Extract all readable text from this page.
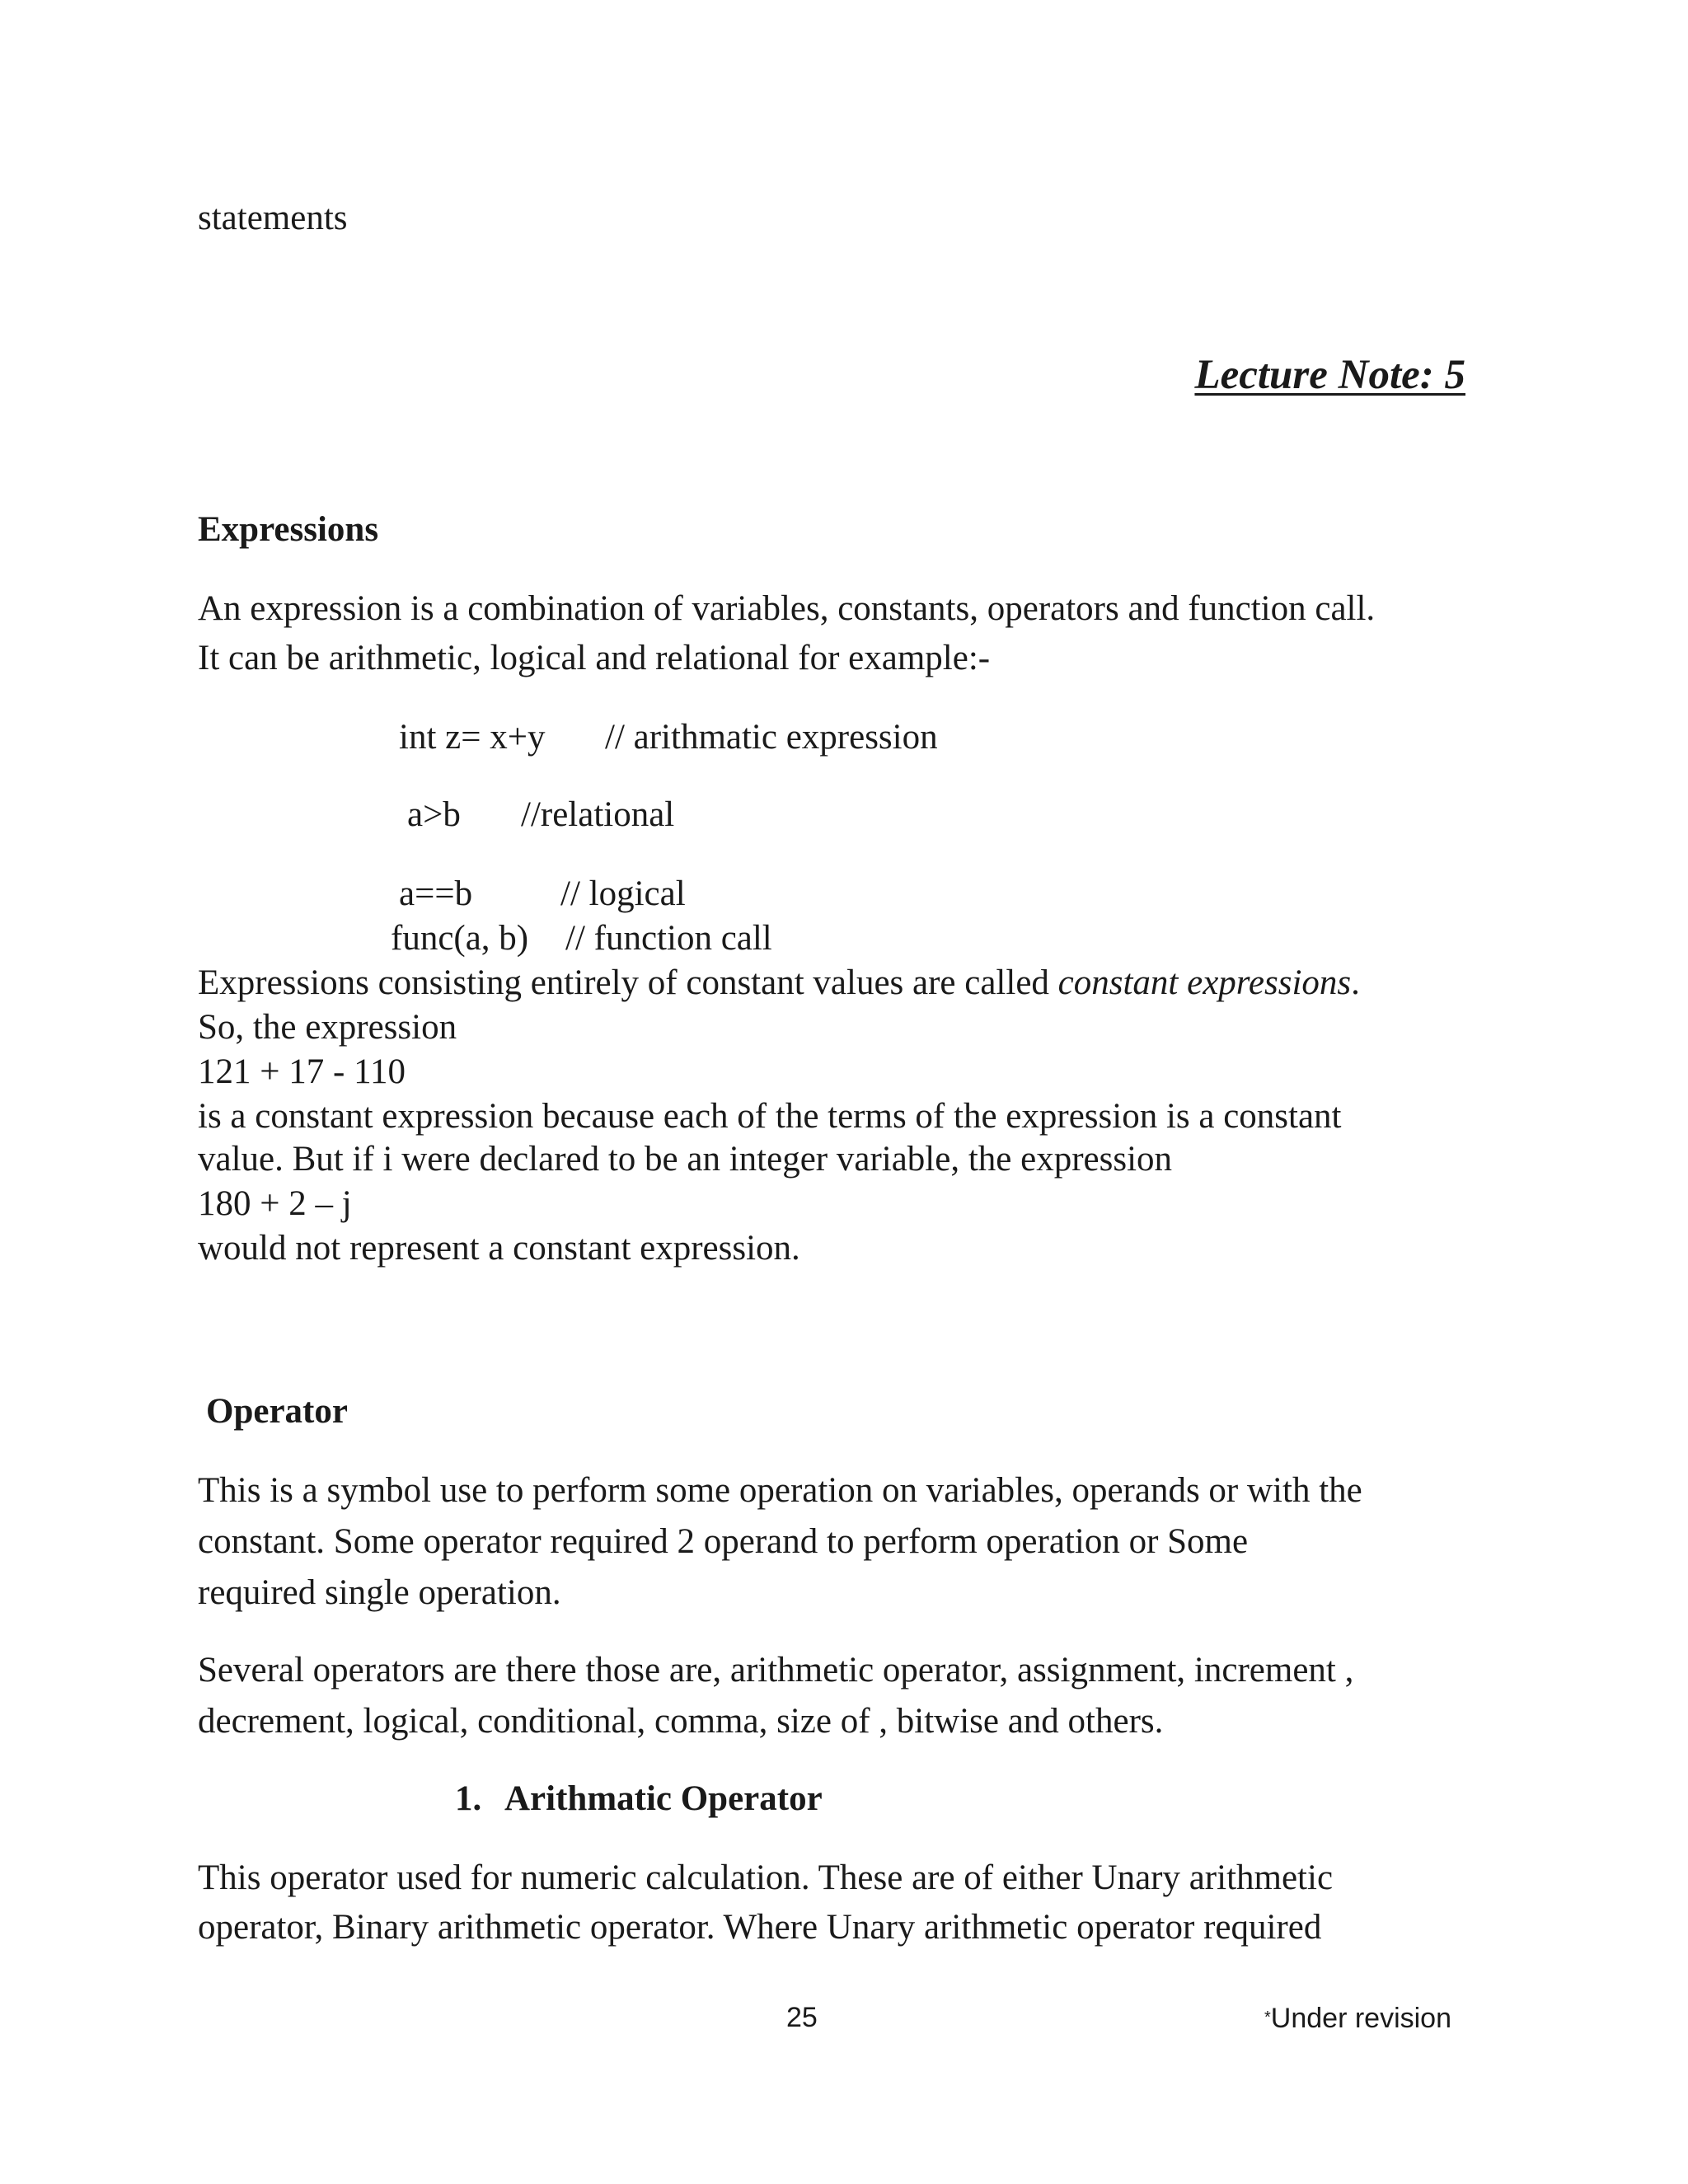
statements
Lecture Note: 5
Expressions
An expression is a combination of variables, constants, operators and function call.
It can be arithmetic, logical and relational for example:-
int z= x+y // arithmatic expression
a>b //relational
a==b // logical
func(a, b) // function call
Expressions consisting entirely of constant values are called constant expressions.
So, the expression
121 + 17 - 110
is a constant expression because each of the terms of the expression is a constant
value. But if i were declared to be an integer variable, the expression
180 + 2 – j
would not represent a constant expression.
Operator
This is a symbol use to perform some operation on variables, operands or with the
constant. Some operator required 2 operand to perform operation or Some
required single operation.
Several operators are there those are, arithmetic operator, assignment, increment ,
decrement, logical, conditional, comma, size of , bitwise and others.
1. Arithmatic Operator
This operator used for numeric calculation. These are of either Unary arithmetic
operator, Binary arithmetic operator. Where Unary arithmetic operator required
25	*Under revision
